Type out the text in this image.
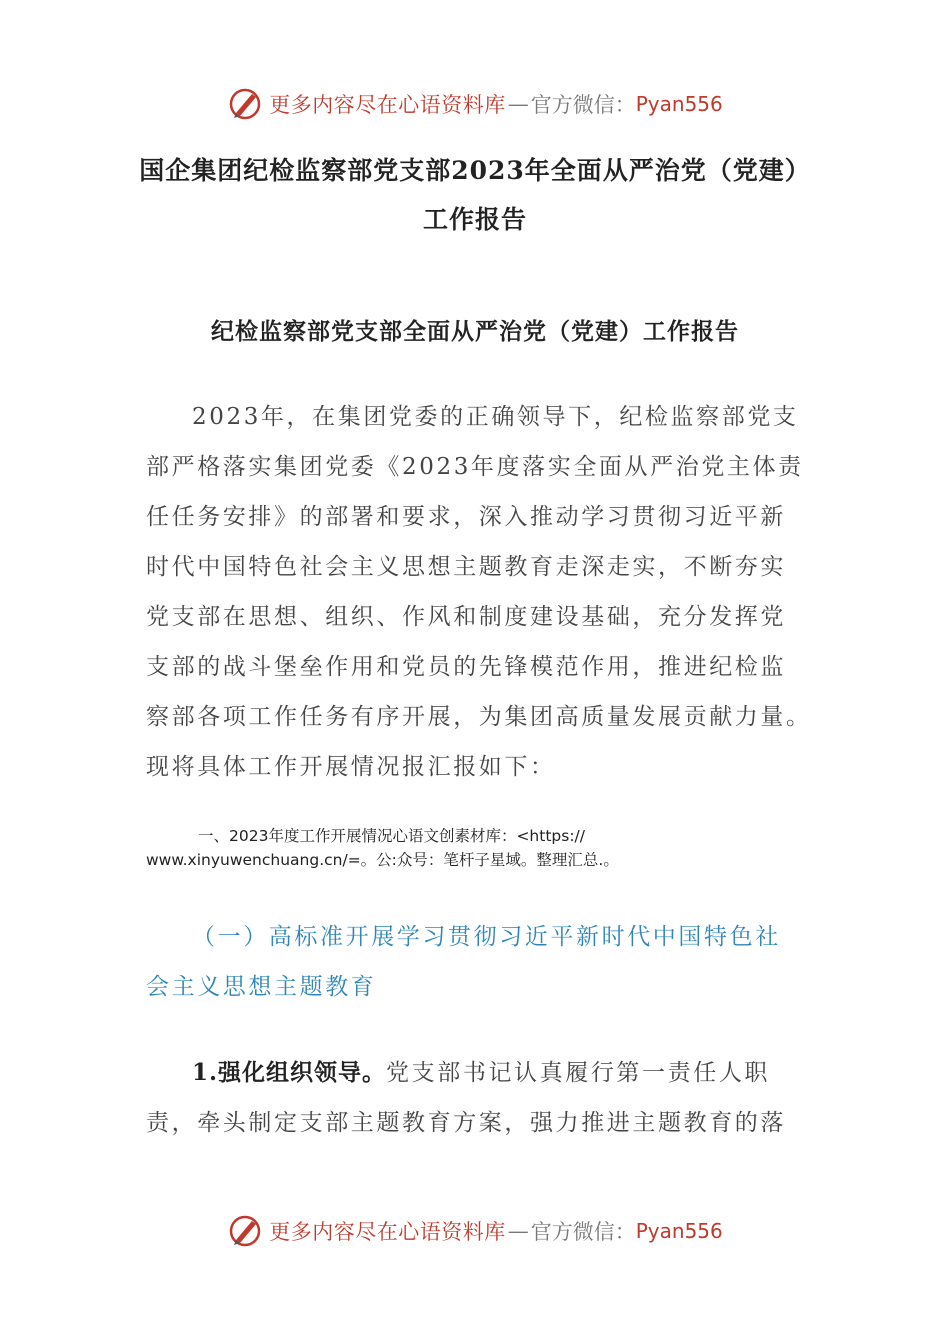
更多内容尽在心语资料库 — 官方微信： Pyan556
国企集团纪检监察部党支部2023年全面从严治党（党建）
工作报告
纪检监察部党支部全面从严治党（党建）工作报告
2023年，在集团党委的正确领导下，纪检监察部党支
部严格落实集团党委《2023年度落实全面从严治党主体责
任任务安排》的部署和要求，深入推动学习贯彻习近平新
时代中国特色社会主义思想主题教育走深走实，不断夯实
党支部在思想、组织、作风和制度建设基础，充分发挥党
支部的战斗堡垒作用和党员的先锋模范作用，推进纪检监
察部各项工作任务有序开展，为集团高质量发展贡献力量。
现将具体工作开展情况报汇报如下：
一、2023年度工作开展情况心语文创素材库：<https://
www.xinyuwenchuang.cn/=。公:众号：笔杆子星域。整理汇总.。
（一）高标准开展学习贯彻习近平新时代中国特色社
会主义思想主题教育
1.强化组织领导。党支部书记认真履行第一责任人职
责，牵头制定支部主题教育方案，强力推进主题教育的落
更多内容尽在心语资料库 — 官方微信： Pyan556
